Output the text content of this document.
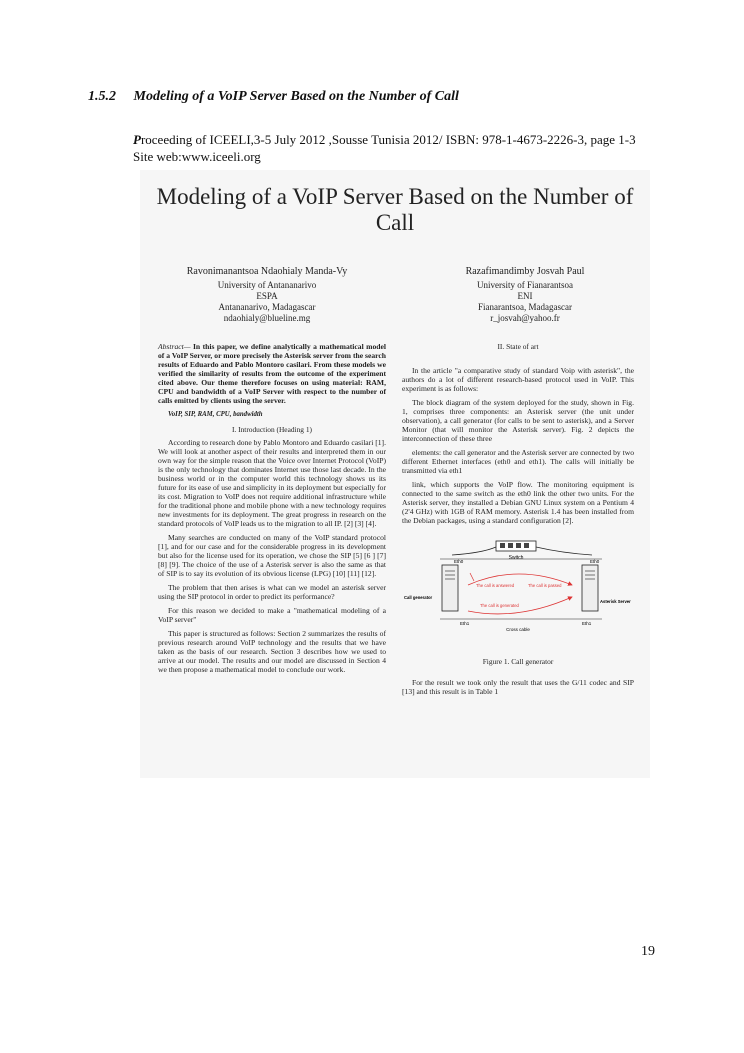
1.5.2 Modeling of a VoIP Server Based on the Number of Call
Proceeding of ICEELI,3-5 July 2012 ,Sousse Tunisia 2012/ ISBN: 978-1-4673-2226-3, page 1-3 Site web:www.iceeli.org
Modeling of a VoIP Server Based on the Number of Call
Ravonimanantsoa Ndaohialy Manda-Vy
University of Antananarivo
ESPA
Antananarivo, Madagascar
ndaohialy@blueline.mg
Razafimandimby Josvah Paul
University of Fianarantsoa
ENI
Fianarantsoa, Madagascar
r_josvah@yahoo.fr

Abstract— In this paper, we define analytically a mathematical model of a VoIP Server, or more precisely the Asterisk server from the search results of Eduardo and Pablo Montoro casilari. From these models we verified the similarity of results from the outcome of the experiment cited above. Our theme therefore focuses on using material: RAM, CPU and bandwidth of a VoIP Server with respect to the number of calls emitted by clients using the server.

VoIP, SIP, RAM, CPU, bandwidth
I. Introduction (Heading 1)

According to research done by Pablo Montoro and Eduardo casilari [1]. We will look at another aspect of their results and interpreted them in our own way for the simple reason that the Voice over Internet Protocol (VoIP) is the only technology that dominates Internet use those last decade. In the business world or in the computer world this technology shows us its future for its ease of use and simplicity in its deployment but especially for its cost. Migration to VoIP does not require additional infrastructure while for the traditional phone and mobile phone with a new technology requires new investments for its deployment. The great progress in research on the standard protocols of VoIP leads us to the migration to all IP. [2] [3] [4].

Many searches are conducted on many of the VoIP standard protocol [1], and for our case and for the considerable progress in its development but also for the license used for its operation, we chose the SIP [5] [6 ] [7] [8] [9]. The choice of the use of a Asterisk server is also the same as that of SIP is to say its evolution of its obvious license (LPG) [10] [11] [12].

The problem that then arises is what can we model an asterisk server using the SIP protocol in order to predict its performance?

For this reason we decided to make a "mathematical modeling of a VoIP server"

This paper is structured as follows: Section 2 summarizes the results of previous research around VoIP technology and the results that we have taken as the basis of our research. Section 3 describes how we used to arrive at our model. The results and our model are discussed in Section 4 we then propose a mathematical model to conclude our work.

II. State of art

In the article "a comparative study of standard Voip with asterisk", the authors do a lot of different research-based protocol used in VoIP. This experiment is as follows:

The block diagram of the system deployed for the study, shown in Fig. 1, comprises three components: an Asterisk server (the unit under observation), a call generator (for calls to be sent to asterisk), and a Server Monitor (that will monitor the Asterisk server). Fig. 2 depicts the interconnection of these three

elements: the call generator and the Asterisk server are connected by two different Ethernet interfaces (eth0 and eth1). The calls will initially be transmitted via eth1

link, which supports the VoIP flow. The monitoring equipment is connected to the same switch as the eth0 link the other two units. For the Asterisk server, they installed a Debian GNU Linux system on a Pentium 4 (2'4 GHz) with 1GB of RAM memory. Asterisk 1.4 has been installed from the Debian packages, using a standard configuration [2].

Switch
Eth0	Eth0
Eth1	Eth1
Call generator
Asterisk Server
The call is answered	The call is passed
The call is generated
Cross cable
Figure 1. Call generator

For the result we took only the result that uses the G/11 codec and SIP [13] and this result is in Table 1

19
